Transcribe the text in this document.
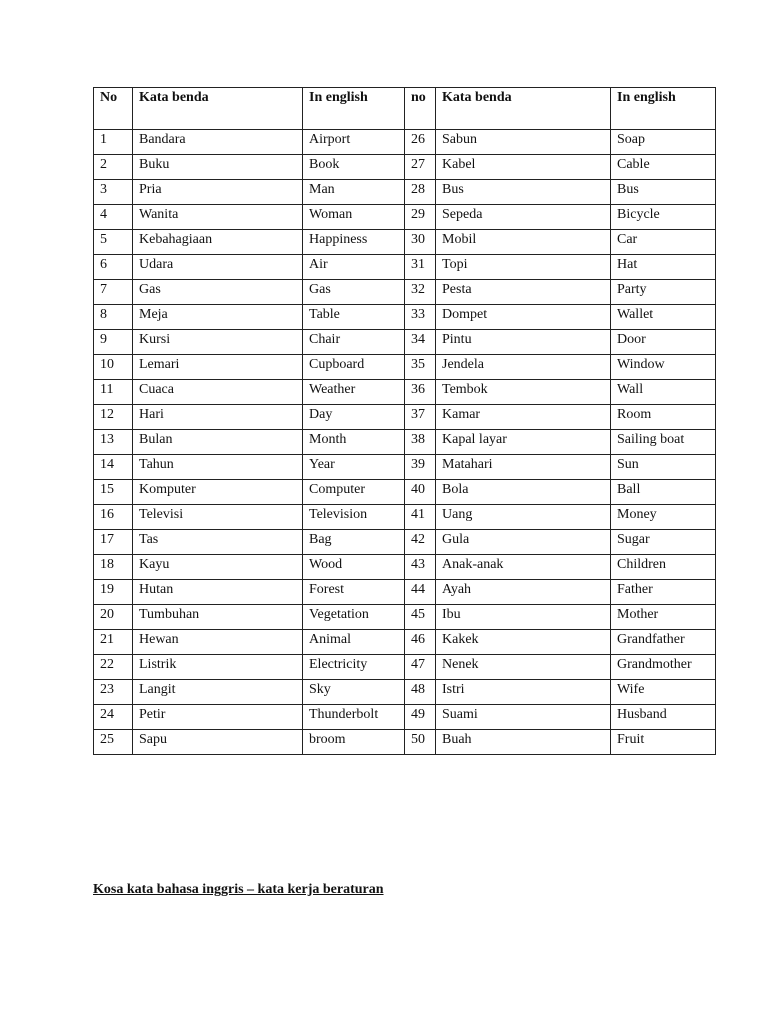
No	Kata benda	In english	no	Kata benda	In english
1	Bandara	Airport	26	Sabun	Soap
2	Buku	Book	27	Kabel	Cable
3	Pria	Man	28	Bus	Bus
4	Wanita	Woman	29	Sepeda	Bicycle
5	Kebahagiaan	Happiness	30	Mobil	Car
6	Udara	Air	31	Topi	Hat
7	Gas	Gas	32	Pesta	Party
8	Meja	Table	33	Dompet	Wallet
9	Kursi	Chair	34	Pintu	Door
10	Lemari	Cupboard	35	Jendela	Window
11	Cuaca	Weather	36	Tembok	Wall
12	Hari	Day	37	Kamar	Room
13	Bulan	Month	38	Kapal layar	Sailing boat
14	Tahun	Year	39	Matahari	Sun
15	Komputer	Computer	40	Bola	Ball
16	Televisi	Television	41	Uang	Money
17	Tas	Bag	42	Gula	Sugar
18	Kayu	Wood	43	Anak-anak	Children
19	Hutan	Forest	44	Ayah	Father
20	Tumbuhan	Vegetation	45	Ibu	Mother
21	Hewan	Animal	46	Kakek	Grandfather
22	Listrik	Electricity	47	Nenek	Grandmother
23	Langit	Sky	48	Istri	Wife
24	Petir	Thunderbolt	49	Suami	Husband
25	Sapu	broom	50	Buah	Fruit
Kosa kata bahasa inggris – kata kerja beraturan
